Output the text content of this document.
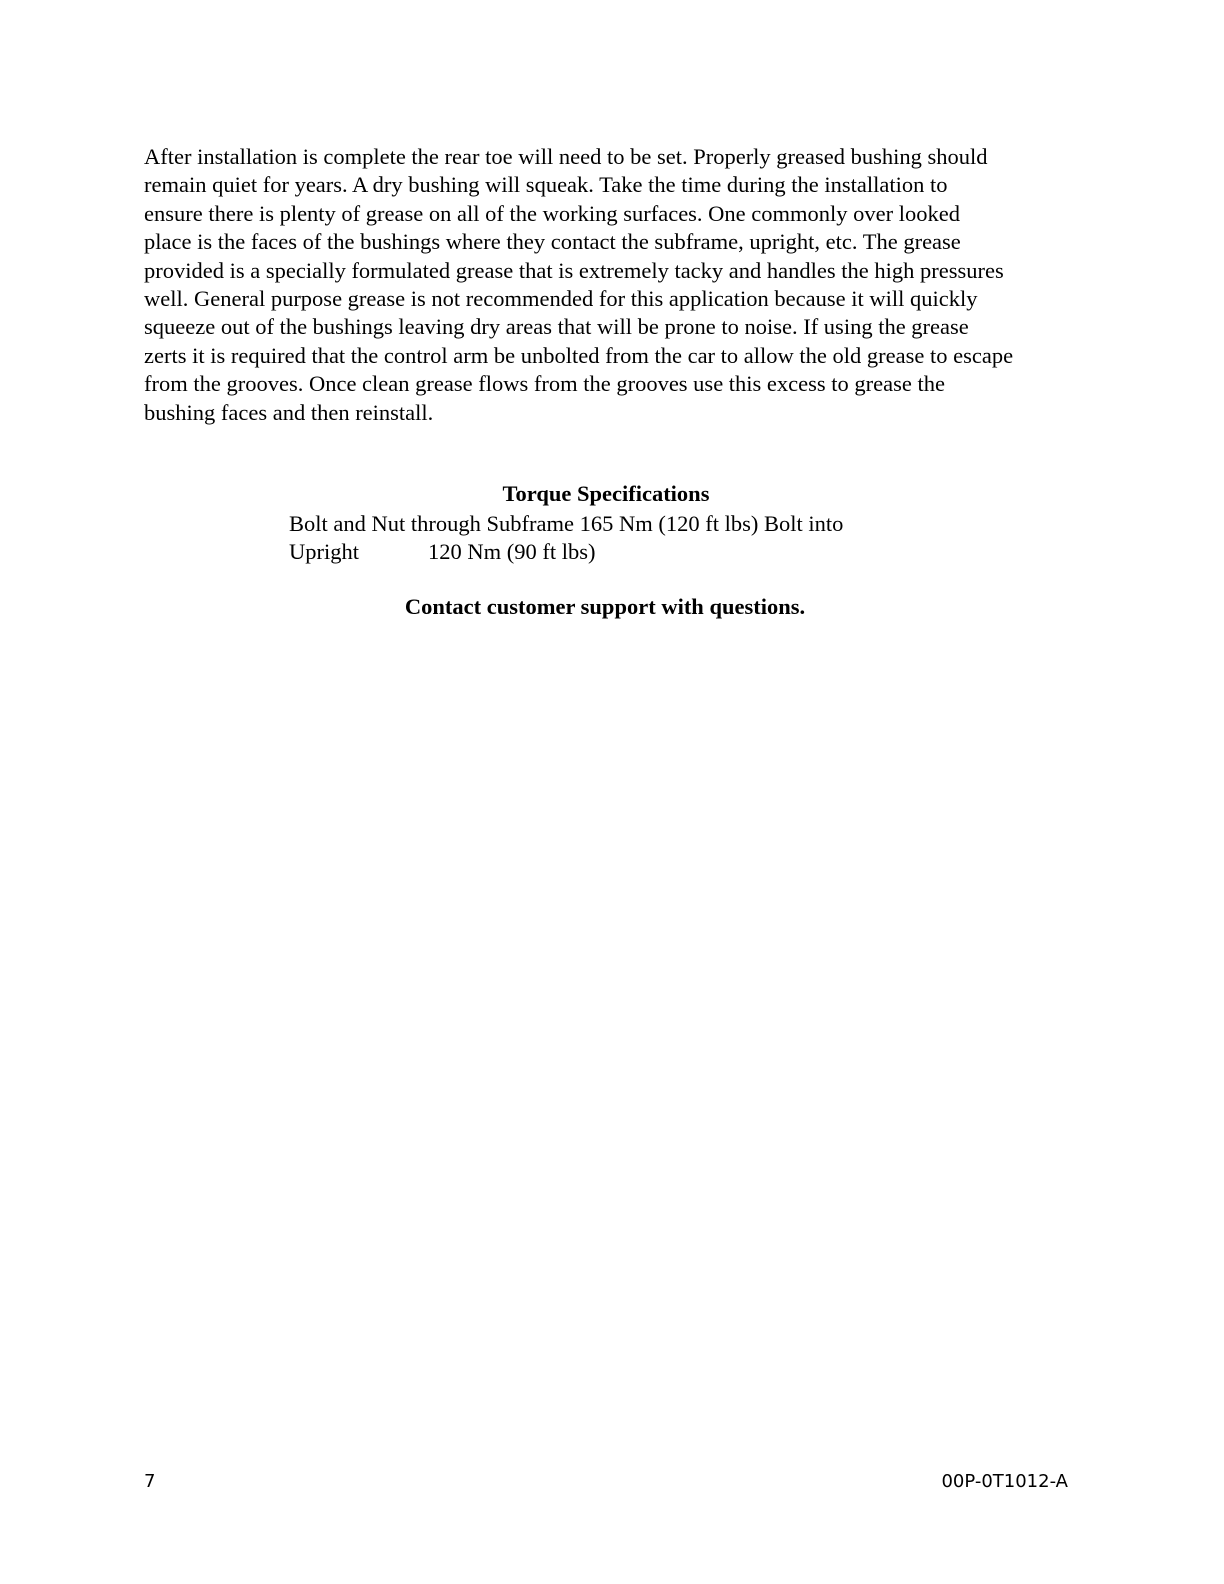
After installation is complete the rear toe will need to be set. Properly greased bushing should
remain quiet for years. A dry bushing will squeak. Take the time during the installation to
ensure there is plenty of grease on all of the working surfaces. One commonly over looked
place is the faces of the bushings where they contact the subframe, upright, etc. The grease
provided is a specially formulated grease that is extremely tacky and handles the high pressures
well. General purpose grease is not recommended for this application because it will quickly
squeeze out of the bushings leaving dry areas that will be prone to noise. If using the grease
zerts it is required that the control arm be unbolted from the car to allow the old grease to escape
from the grooves. Once clean grease flows from the grooves use this excess to grease the
bushing faces and then reinstall.

Torque Specifications

Bolt and Nut through Subframe 165 Nm (120 ft lbs) Bolt into

Upright	120 Nm (90 ft lbs)

Contact customer support with questions.

7	00P-0T1012-A
